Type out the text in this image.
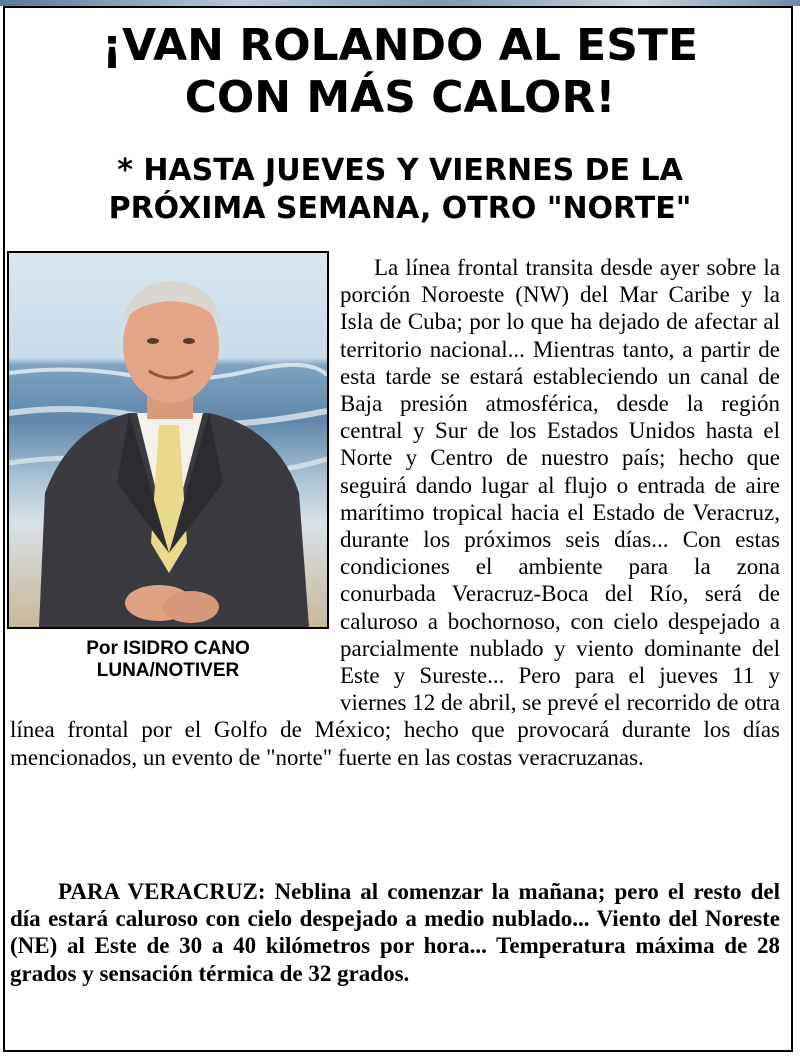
¡VAN ROLANDO AL ESTE
CON MÁS CALOR!
* HASTA JUEVES Y VIERNES DE LA
PRÓXIMA SEMANA, OTRO "NORTE"
Por ISIDRO CANO
LUNA/NOTIVER

La línea frontal transita desde ayer sobre la porción Noroeste (NW) del Mar Caribe y la Isla de Cuba; por lo que ha dejado de afectar al territorio nacional... Mientras tanto, a partir de esta tarde se estará estableciendo un canal de Baja presión atmosférica, desde la región central y Sur de los Estados Unidos hasta el Norte y Centro de nuestro país; hecho que seguirá dando lugar al flujo o entrada de aire marítimo tropical hacia el Estado de Veracruz, durante los próximos seis días... Con estas condiciones el ambiente para la zona conurbada Veracruz-Boca del Río, será de caluroso a bochornoso, con cielo despejado a parcialmente nublado y viento dominante del Este y Sureste... Pero para el jueves 11 y viernes 12 de abril, se prevé el recorrido de otra línea frontal por el Golfo de México; hecho que provocará durante los días mencionados, un evento de "norte" fuerte en las costas veracruzanas.

PARA VERACRUZ: Neblina al comenzar la mañana; pero el resto del día estará caluroso con cielo despejado a medio nublado... Viento del Noreste (NE) al Este de 30 a 40 kilómetros por hora... Temperatura máxima de 28 grados y sensación térmica de 32 grados.
